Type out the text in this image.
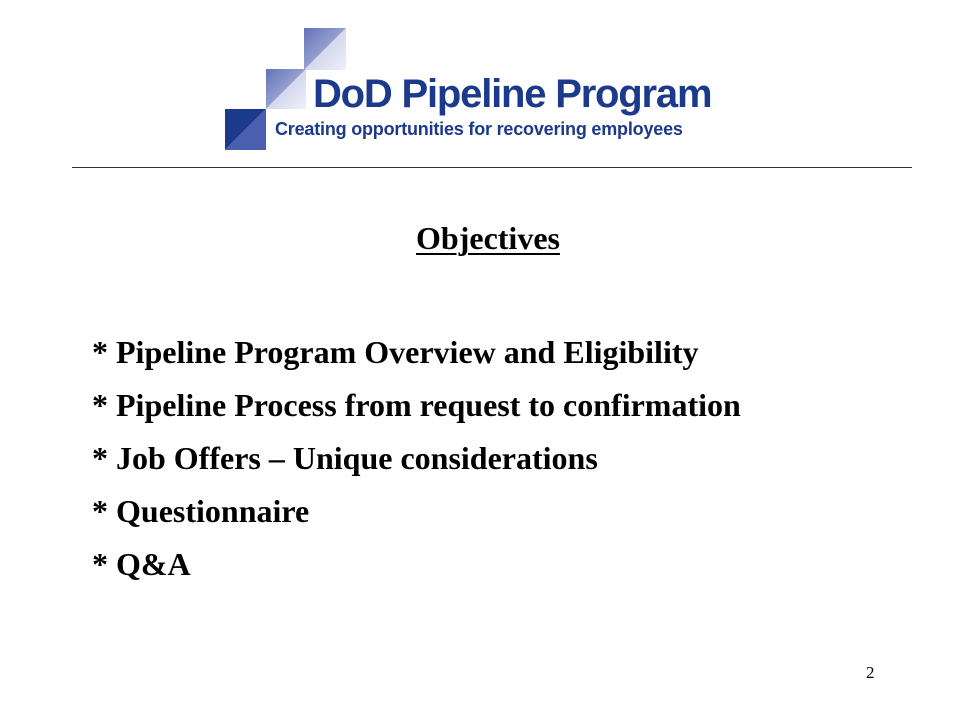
DoD Pipeline Program
Creating opportunities for recovering employees
Objectives
* Pipeline Program Overview and Eligibility
* Pipeline Process from request to confirmation
* Job Offers – Unique considerations
* Questionnaire
* Q&A
2
